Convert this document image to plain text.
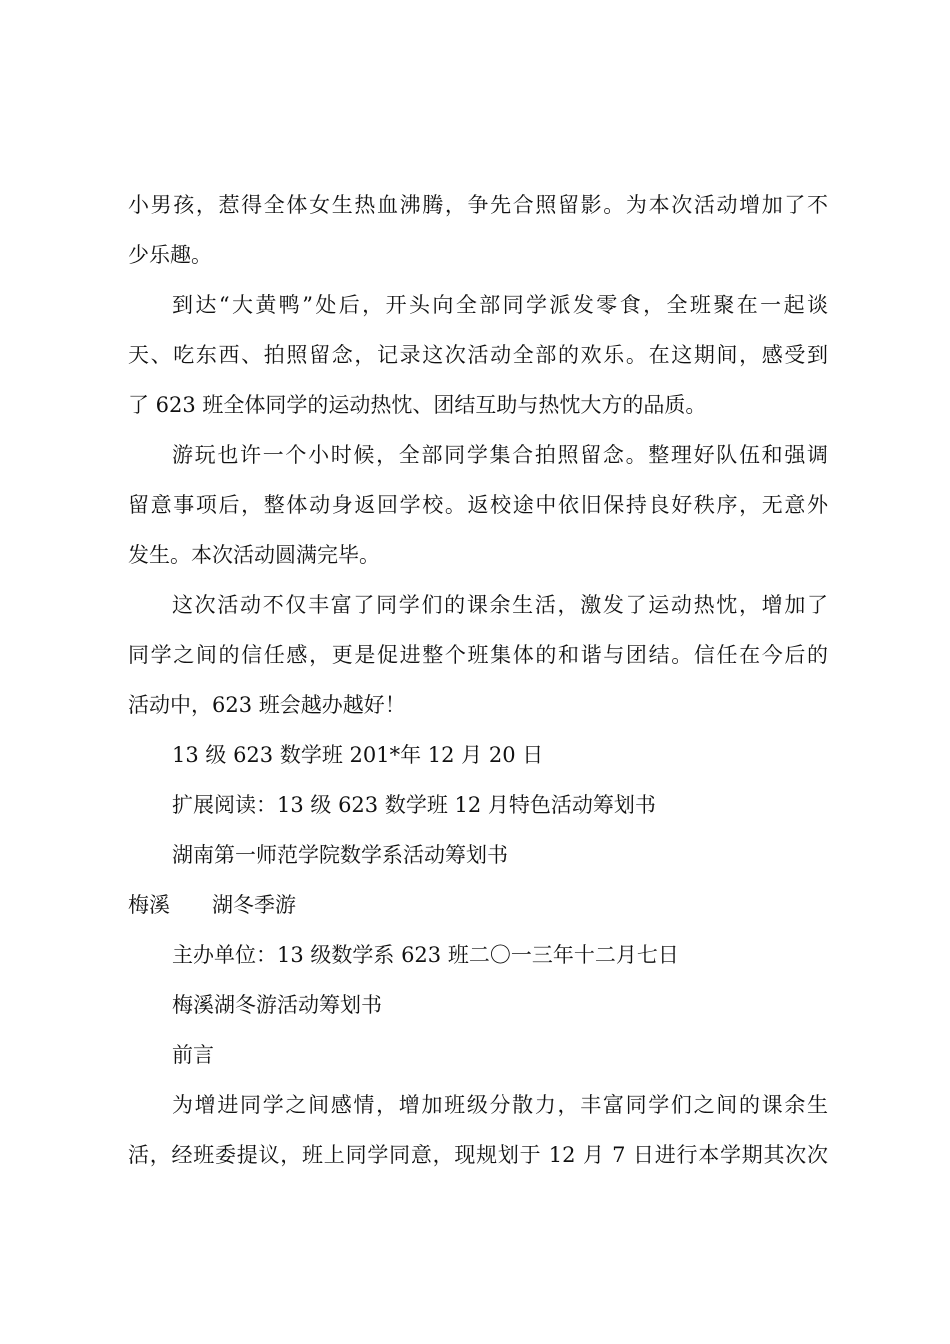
小男孩，惹得全体女生热血沸腾，争先合照留影。为本次活动增加了不
少乐趣。
到达“大黄鸭”处后，开头向全部同学派发零食，全班聚在一起谈
天、吃东西、拍照留念，记录这次活动全部的欢乐。在这期间，感受到
了 623 班全体同学的运动热忱、团结互助与热忱大方的品质。
游玩也许一个小时候，全部同学集合拍照留念。整理好队伍和强调
留意事项后，整体动身返回学校。返校途中依旧保持良好秩序，无意外
发生。本次活动圆满完毕。
这次活动不仅丰富了同学们的课余生活，激发了运动热忱，增加了
同学之间的信任感，更是促进整个班集体的和谐与团结。信任在今后的
活动中，623 班会越办越好！
13 级 623 数学班 201*年 12 月 20 日
扩展阅读：13 级 623 数学班 12 月特色活动筹划书
湖南第一师范学院数学系活动筹划书
梅溪　　湖冬季游
主办单位：13 级数学系 623 班二〇一三年十二月七日
梅溪湖冬游活动筹划书
前言
为增进同学之间感情，增加班级分散力，丰富同学们之间的课余生
活，经班委提议，班上同学同意，现规划于 12 月 7 日进行本学期其次次
